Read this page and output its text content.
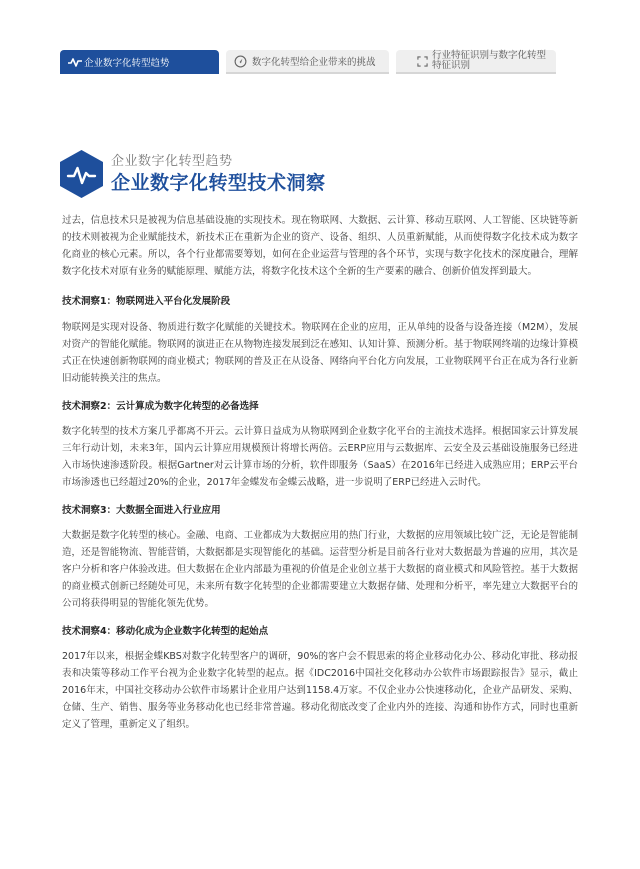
企业数字化转型趋势	数字化转型给企业带来的挑战
行业特征识别与数字化转型特征识别
企业数字化转型趋势
企业数字化转型技术洞察

过去，信息技术只是被视为信息基础设施的实现技术。现在物联网、大数据、云计算、移动互联网、人工智能、区块链等新的技术则被视为企业赋能技术，新技术正在重新为企业的资产、设备、组织、人员重新赋能，从而使得数字化技术成为数字化商业的核心元素。所以，各个行业都需要筹划，如何在企业运营与管理的各个环节，实现与数字化技术的深度融合，理解数字化技术对原有业务的赋能原理、赋能方法，将数字化技术这个全新的生产要素的融合、创新价值发挥到最大。

技术洞察1：物联网进入平台化发展阶段

物联网是实现对设备、物质进行数字化赋能的关键技术。物联网在企业的应用，正从单纯的设备与设备连接（M2M），发展对资产的智能化赋能。物联网的演进正在从物物连接发展到泛在感知、认知计算、预测分析。基于物联网终端的边缘计算模式正在快速创新物联网的商业模式；物联网的普及正在从设备、网络向平台化方向发展，工业物联网平台正在成为各行业新旧动能转换关注的焦点。

技术洞察2：云计算成为数字化转型的必备选择

数字化转型的技术方案几乎都离不开云。云计算日益成为从物联网到企业数字化平台的主流技术选择。根据国家云计算发展三年行动计划，未来3年，国内云计算应用规模预计将增长两倍。云ERP应用与云数据库、云安全及云基础设施服务已经进入市场快速渗透阶段。根据Gartner对云计算市场的分析，软件即服务（SaaS）在2016年已经进入成熟应用；ERP云平台市场渗透也已经超过20%的企业，2017年金蝶发布金蝶云战略，进一步说明了ERP已经进入云时代。

技术洞察3：大数据全面进入行业应用

大数据是数字化转型的核心。金融、电商、工业都成为大数据应用的热门行业，大数据的应用领域比较广泛，无论是智能制造，还是智能物流、智能营销，大数据都是实现智能化的基础。运营型分析是目前各行业对大数据最为普遍的应用，其次是客户分析和客户体验改进。但大数据在企业内部最为重视的价值是企业创立基于大数据的商业模式和风险管控。基于大数据的商业模式创新已经随处可见，未来所有数字化转型的企业都需要建立大数据存储、处理和分析平，率先建立大数据平台的公司将获得明显的智能化领先优势。

技术洞察4：移动化成为企业数字化转型的起始点

2017年以来，根据金蝶KBS对数字化转型客户的调研，90%的客户会不假思索的将企业移动化办公、移动化审批、移动报表和决策等移动工作平台视为企业数字化转型的起点。据《IDC2016中国社交化移动办公软件市场跟踪报告》显示，截止2016年末，中国社交移动办公软件市场累计企业用户达到1158.4万家。不仅企业办公快速移动化，企业产品研发、采购、仓储、生产、销售、服务等业务移动化也已经非常普遍。移动化彻底改变了企业内外的连接、沟通和协作方式，同时也重新定义了管理，重新定义了组织。
